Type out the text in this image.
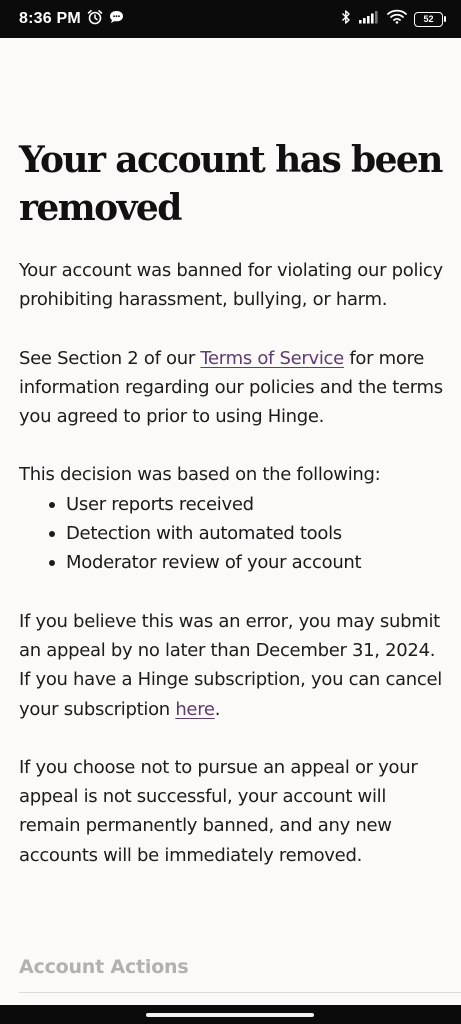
8:36 PM	52
Your account has been removed

Your account was banned for violating our policy prohibiting harassment, bullying, or harm.

See Section 2 of our Terms of Service for more information regarding our policies and the terms you agreed to prior to using Hinge.

This decision was based on the following:

User reports received
Detection with automated tools
Moderator review of your account

If you believe this was an error, you may submit an appeal by no later than December 31, 2024. If you have a Hinge subscription, you can cancel your subscription here.

If you choose not to pursue an appeal or your appeal is not successful, your account will remain permanently banned, and any new accounts will be immediately removed.

Account Actions
